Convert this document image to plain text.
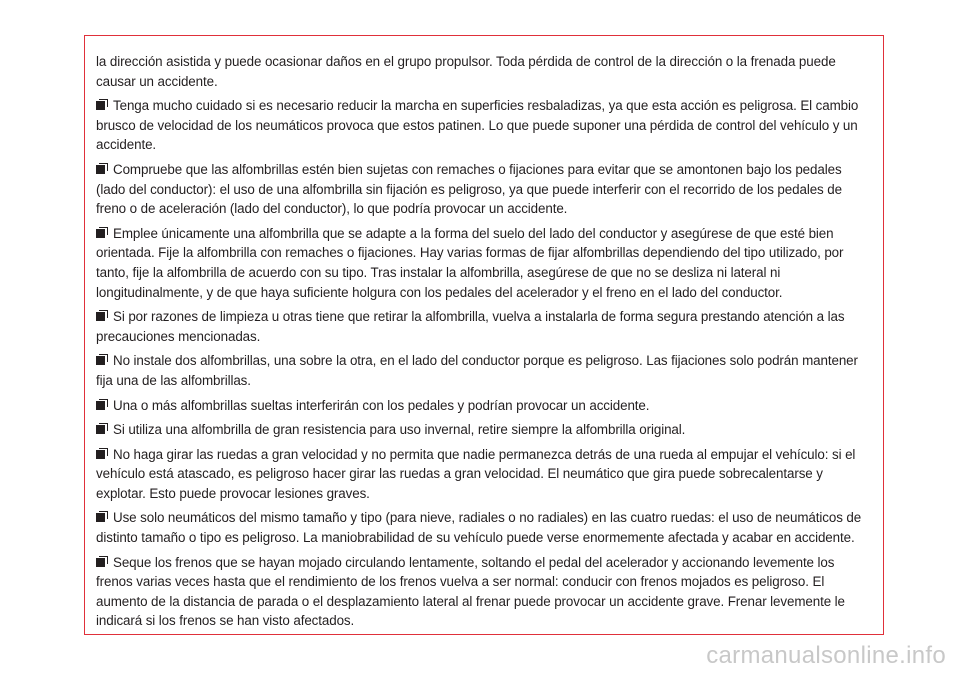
la dirección asistida y puede ocasionar daños en el grupo propulsor. Toda pérdida de control de la dirección o la frenada puede causar un accidente.

Tenga mucho cuidado si es necesario reducir la marcha en superficies resbaladizas, ya que esta acción es peligrosa. El cambio brusco de velocidad de los neumáticos provoca que estos patinen. Lo que puede suponer una pérdida de control del vehículo y un accidente.

Compruebe que las alfombrillas estén bien sujetas con remaches o fijaciones para evitar que se amontonen bajo los pedales (lado del conductor): el uso de una alfombrilla sin fijación es peligroso, ya que puede interferir con el recorrido de los pedales de freno o de aceleración (lado del conductor), lo que podría provocar un accidente.

Emplee únicamente una alfombrilla que se adapte a la forma del suelo del lado del conductor y asegúrese de que esté bien orientada. Fije la alfombrilla con remaches o fijaciones. Hay varias formas de fijar alfombrillas dependiendo del tipo utilizado, por tanto, fije la alfombrilla de acuerdo con su tipo. Tras instalar la alfombrilla, asegúrese de que no se desliza ni lateral ni longitudinalmente, y de que haya suficiente holgura con los pedales del acelerador y el freno en el lado del conductor.

Si por razones de limpieza u otras tiene que retirar la alfombrilla, vuelva a instalarla de forma segura prestando atención a las precauciones mencionadas.

No instale dos alfombrillas, una sobre la otra, en el lado del conductor porque es peligroso. Las fijaciones solo podrán mantener fija una de las alfombrillas.

Una o más alfombrillas sueltas interferirán con los pedales y podrían provocar un accidente.

Si utiliza una alfombrilla de gran resistencia para uso invernal, retire siempre la alfombrilla original.

No haga girar las ruedas a gran velocidad y no permita que nadie permanezca detrás de una rueda al empujar el vehículo: si el vehículo está atascado, es peligroso hacer girar las ruedas a gran velocidad. El neumático que gira puede sobrecalentarse y explotar. Esto puede provocar lesiones graves.

Use solo neumáticos del mismo tamaño y tipo (para nieve, radiales o no radiales) en las cuatro ruedas: el uso de neumáticos de distinto tamaño o tipo es peligroso. La maniobrabilidad de su vehículo puede verse enormemente afectada y acabar en accidente.

Seque los frenos que se hayan mojado circulando lentamente, soltando el pedal del acelerador y accionando levemente los frenos varias veces hasta que el rendimiento de los frenos vuelva a ser normal: conducir con frenos mojados es peligroso. El aumento de la distancia de parada o el desplazamiento lateral al frenar puede provocar un accidente grave. Frenar levemente le indicará si los frenos se han visto afectados.

carmanualsonline.info
